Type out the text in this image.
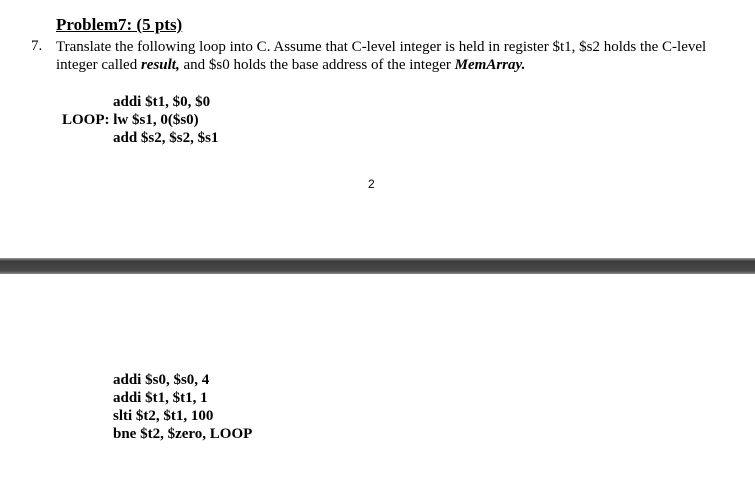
Problem7: (5 pts)
7. Translate the following loop into C. Assume that C-level integer is held in register $t1, $s2 holds the C-level integer called result, and $s0 holds the base address of the integer MemArray.
addi $t1, $0, $0
LOOP: lw $s1, 0($s0)
add $s2, $s2, $s1
2
addi $s0, $s0, 4
addi $t1, $t1, 1
slti $t2, $t1, 100
bne $t2, $zero, LOOP
